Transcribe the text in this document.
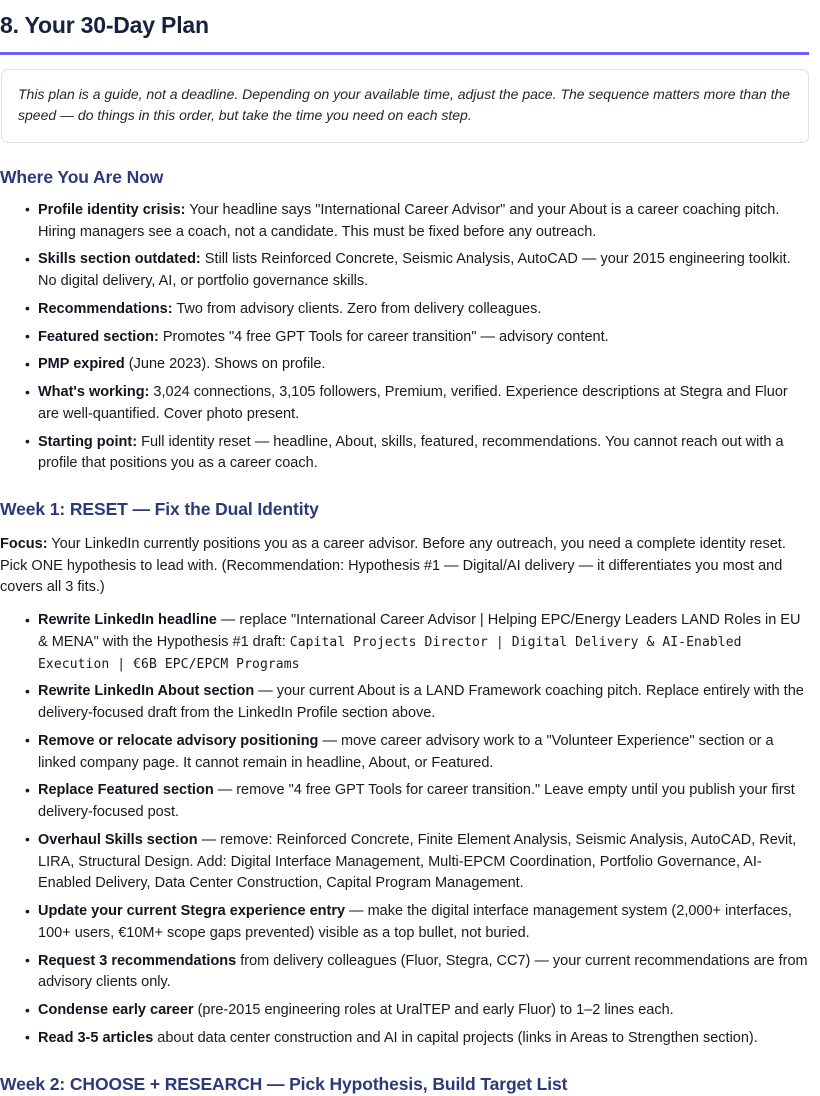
8. Your 30-Day Plan

This plan is a guide, not a deadline. Depending on your available time, adjust the pace. The sequence matters more than the speed — do things in this order, but take the time you need on each step.

Where You Are Now
• Profile identity crisis: Your headline says "International Career Advisor" and your About is a career coaching pitch. Hiring managers see a coach, not a candidate. This must be fixed before any outreach.
• Skills section outdated: Still lists Reinforced Concrete, Seismic Analysis, AutoCAD — your 2015 engineering toolkit. No digital delivery, AI, or portfolio governance skills.
• Recommendations: Two from advisory clients. Zero from delivery colleagues.
• Featured section: Promotes "4 free GPT Tools for career transition" — advisory content.
• PMP expired (June 2023). Shows on profile.
• What's working: 3,024 connections, 3,105 followers, Premium, verified. Experience descriptions at Stegra and Fluor are well-quantified. Cover photo present.
• Starting point: Full identity reset — headline, About, skills, featured, recommendations. You cannot reach out with a profile that positions you as a career coach.
Week 1: RESET — Fix the Dual Identity

Focus: Your LinkedIn currently positions you as a career advisor. Before any outreach, you need a complete identity reset. Pick ONE hypothesis to lead with. (Recommendation: Hypothesis #1 — Digital/AI delivery — it differentiates you most and covers all 3 fits.)

• Rewrite LinkedIn headline — replace "International Career Advisor | Helping EPC/Energy Leaders LAND Roles in EU & MENA" with the Hypothesis #1 draft: Capital Projects Director | Digital Delivery & AI-Enabled Execution | €6B EPC/EPCM Programs
• Rewrite LinkedIn About section — your current About is a LAND Framework coaching pitch. Replace entirely with the delivery-focused draft from the LinkedIn Profile section above.
• Remove or relocate advisory positioning — move career advisory work to a "Volunteer Experience" section or a linked company page. It cannot remain in headline, About, or Featured.
• Replace Featured section — remove "4 free GPT Tools for career transition." Leave empty until you publish your first delivery-focused post.
• Overhaul Skills section — remove: Reinforced Concrete, Finite Element Analysis, Seismic Analysis, AutoCAD, Revit, LIRA, Structural Design. Add: Digital Interface Management, Multi-EPCM Coordination, Portfolio Governance, AI-Enabled Delivery, Data Center Construction, Capital Program Management.
• Update your current Stegra experience entry — make the digital interface management system (2,000+ interfaces, 100+ users, €10M+ scope gaps prevented) visible as a top bullet, not buried.
• Request 3 recommendations from delivery colleagues (Fluor, Stegra, CC7) — your current recommendations are from advisory clients only.
• Condense early career (pre-2015 engineering roles at UralTEP and early Fluor) to 1–2 lines each.
• Read 3-5 articles about data center construction and AI in capital projects (links in Areas to Strengthen section).
Week 2: CHOOSE + RESEARCH — Pick Hypothesis, Build Target List
